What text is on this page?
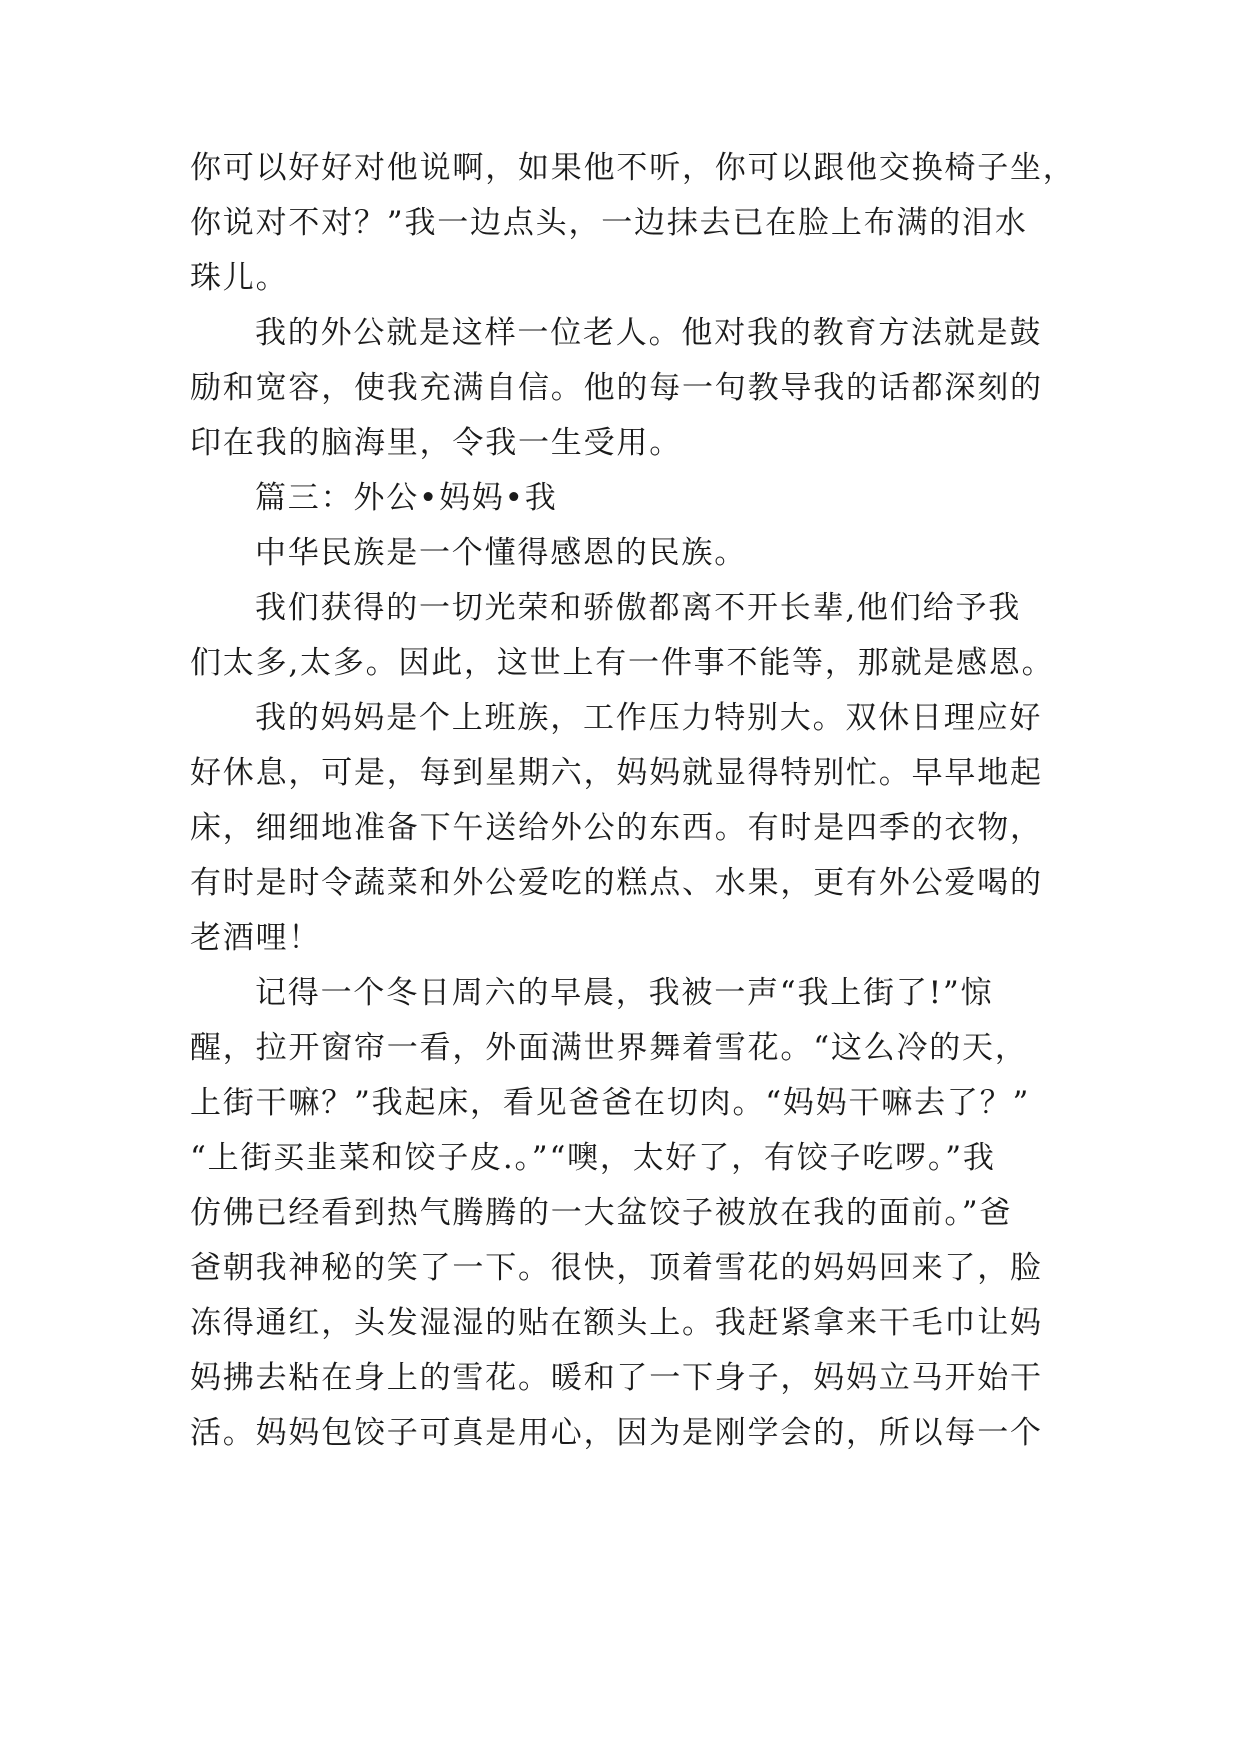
你可以好好对他说啊，如果他不听，你可以跟他交换椅子坐，
你说对不对？”我一边点头，一边抹去已在脸上布满的泪水
珠儿。
我的外公就是这样一位老人。他对我的教育方法就是鼓
励和宽容，使我充满自信。他的每一句教导我的话都深刻的
印在我的脑海里，令我一生受用。
篇三：外公•妈妈•我
中华民族是一个懂得感恩的民族。
我们获得的一切光荣和骄傲都离不开长辈,他们给予我
们太多,太多。因此，这世上有一件事不能等，那就是感恩。
我的妈妈是个上班族，工作压力特别大。双休日理应好
好休息，可是，每到星期六，妈妈就显得特别忙。早早地起
床，细细地准备下午送给外公的东西。有时是四季的衣物，
有时是时令蔬菜和外公爱吃的糕点、水果，更有外公爱喝的
老酒哩！
记得一个冬日周六的早晨，我被一声“我上街了!”惊
醒，拉开窗帘一看，外面满世界舞着雪花。“这么冷的天，
上街干嘛？”我起床，看见爸爸在切肉。“妈妈干嘛去了？”
“上街买韭菜和饺子皮.。”“噢，太好了，有饺子吃啰。”我
仿佛已经看到热气腾腾的一大盆饺子被放在我的面前。”爸
爸朝我神秘的笑了一下。很快，顶着雪花的妈妈回来了，脸
冻得通红，头发湿湿的贴在额头上。我赶紧拿来干毛巾让妈
妈拂去粘在身上的雪花。暖和了一下身子，妈妈立马开始干
活。妈妈包饺子可真是用心，因为是刚学会的，所以每一个
